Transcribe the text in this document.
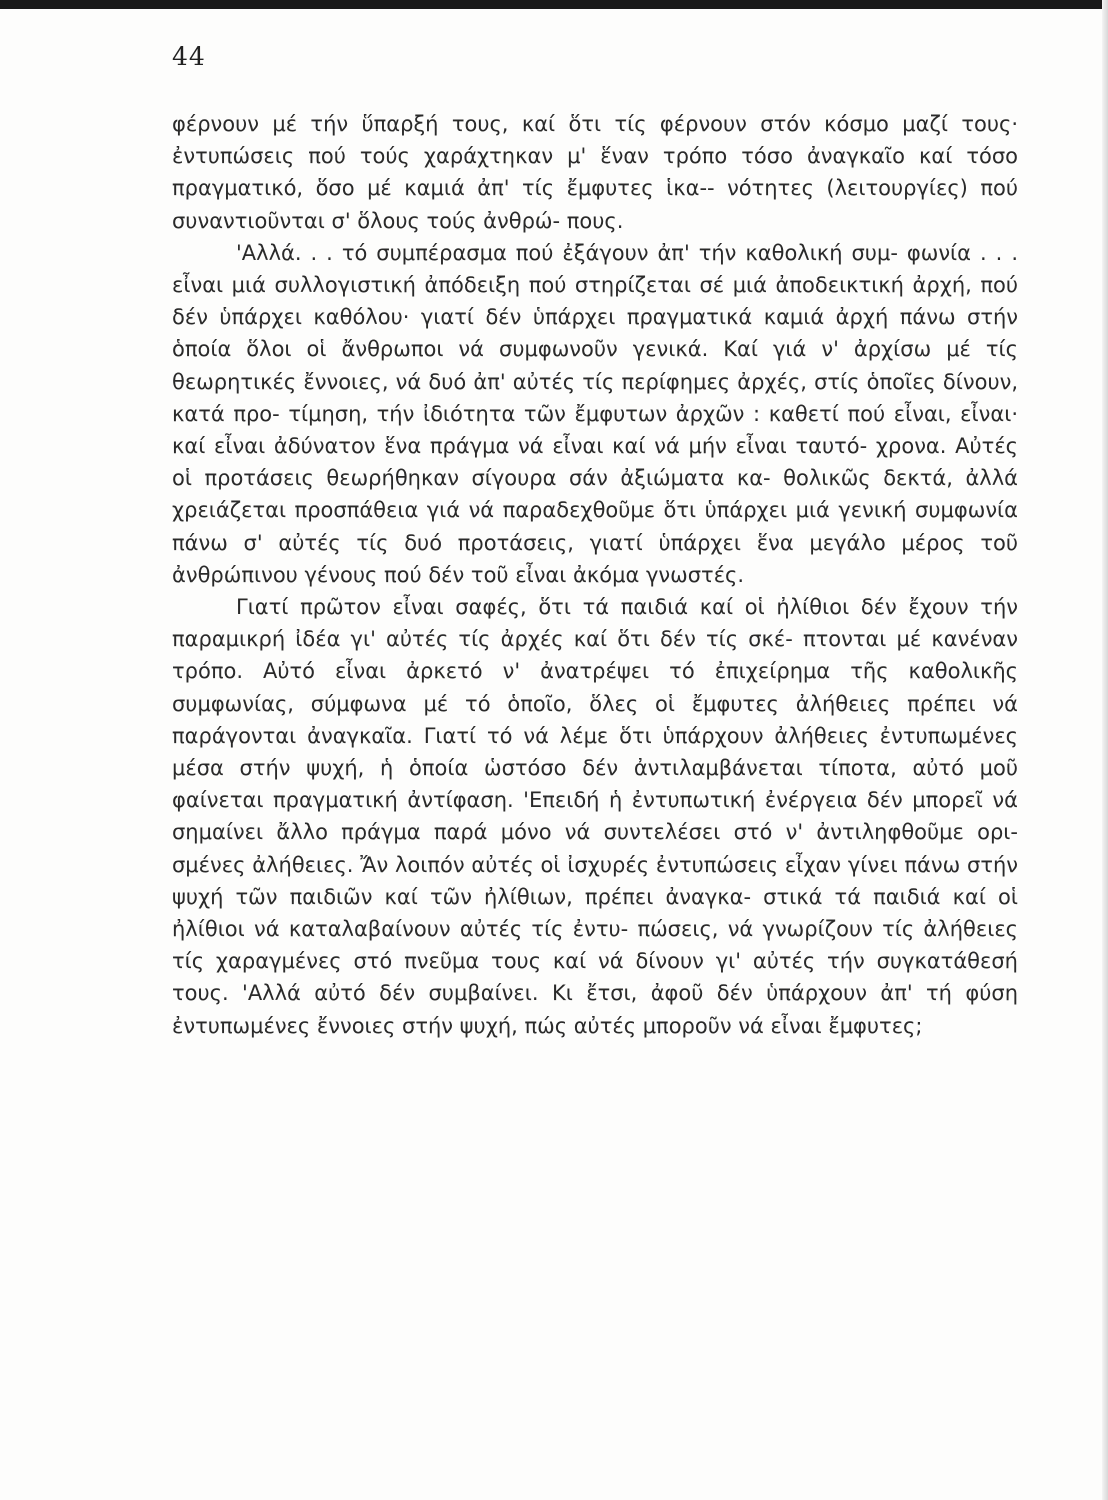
44

φέρνουν μέ τήν ὕπαρξή τους, καί ὅτι τίς φέρνουν στόν κόσμο μαζί τους· ἐντυπώσεις πού τούς χαράχτηκαν μ' ἕναν τρόπο τόσο ἀναγκαῖο καί τόσο πραγματικό, ὅσο μέ καμιά ἀπ' τίς ἔμφυτες ἱκα-- νότητες (λειτουργίες) πού συναντιοῦνται σ' ὅλους τούς ἀνθρώ- πους.

'Αλλά. . . τό συμπέρασμα πού ἐξάγουν ἀπ' τήν καθολική συμ- φωνία . . . εἶναι μιά συλλογιστική ἀπόδειξη πού στηρίζεται σέ μιά ἀποδεικτική ἀρχή, πού δέν ὑπάρχει καθόλου· γιατί δέν ὑπάρχει πραγματικά καμιά ἀρχή πάνω στήν ὁποία ὅλοι οἱ ἄνθρωποι νά συμφωνοῦν γενικά. Καί γιά ν' ἀρχίσω μέ τίς θεωρητικές ἔννοιες, νά δυό ἀπ' αὐτές τίς περίφημες ἀρχές, στίς ὁποῖες δίνουν, κατά προ- τίμηση, τήν ἰδιότητα τῶν ἔμφυτων ἀρχῶν : καθετί πού εἶναι, εἶναι· καί εἶναι ἀδύνατον ἕνα πράγμα νά εἶναι καί νά μήν εἶναι ταυτό- χρονα. Αὐτές οἱ προτάσεις θεωρήθηκαν σίγουρα σάν ἀξιώματα κα- θολικῶς δεκτά, ἀλλά χρειάζεται προσπάθεια γιά νά παραδεχθοῦμε ὅτι ὑπάρχει μιά γενική συμφωνία πάνω σ' αὐτές τίς δυό προτάσεις, γιατί ὑπάρχει ἕνα μεγάλο μέρος τοῦ ἀνθρώπινου γένους πού δέν τοῦ εἶναι ἀκόμα γνωστές.

Γιατί πρῶτον εἶναι σαφές, ὅτι τά παιδιά καί οἱ ἠλίθιοι δέν ἔχουν τήν παραμικρή ἰδέα γι' αὐτές τίς ἀρχές καί ὅτι δέν τίς σκέ- πτονται μέ κανέναν τρόπο. Αὐτό εἶναι ἀρκετό ν' ἀνατρέψει τό ἐπιχείρημα τῆς καθολικῆς συμφωνίας, σύμφωνα μέ τό ὁποῖο, ὅλες οἱ ἔμφυτες ἀλήθειες πρέπει νά παράγονται ἀναγκαῖα. Γιατί τό νά λέμε ὅτι ὑπάρχουν ἀλήθειες ἐντυπωμένες μέσα στήν ψυχή, ἡ ὁποία ὡστόσο δέν ἀντιλαμβάνεται τίποτα, αὐτό μοῦ φαίνεται πραγματική ἀντίφαση. 'Επειδή ἡ ἐντυπωτική ἐνέργεια δέν μπορεῖ νά σημαίνει ἄλλο πράγμα παρά μόνο νά συντελέσει στό ν' ἀντιληφθοῦμε ορι- σμένες ἀλήθειες. Ἄν λοιπόν αὐτές οἱ ἰσχυρές ἐντυπώσεις εἶχαν γίνει πάνω στήν ψυχή τῶν παιδιῶν καί τῶν ἠλίθιων, πρέπει ἀναγκα- στικά τά παιδιά καί οἱ ἠλίθιοι νά καταλαβαίνουν αὐτές τίς ἐντυ- πώσεις, νά γνωρίζουν τίς ἀλήθειες τίς χαραγμένες στό πνεῦμα τους καί νά δίνουν γι' αὐτές τήν συγκατάθεσή τους. 'Αλλά αὐτό δέν συμβαίνει. Κι ἔτσι, ἀφοῦ δέν ὑπάρχουν ἀπ' τή φύση ἐντυπωμένες ἔννοιες στήν ψυχή, πώς αὐτές μποροῦν νά εἶναι ἔμφυτες;
